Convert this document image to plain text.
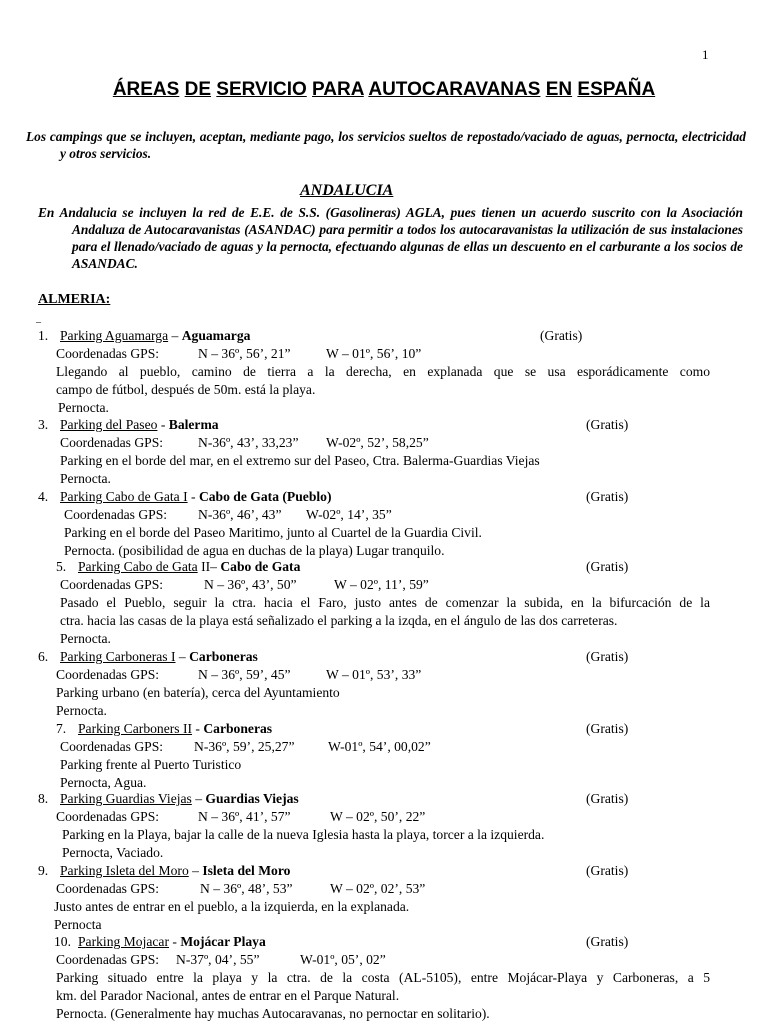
1
ÁREAS DE SERVICIO PARA AUTOCARAVANAS EN ESPAÑA
Los campings que se incluyen, aceptan, mediante pago, los servicios sueltos de repostado/vaciado de aguas, pernocta, electricidad y otros servicios.
ANDALUCIA
En Andalucia se incluyen la red de E.E. de S.S. (Gasolineras) AGLA, pues tienen un acuerdo suscrito con la Asociación Andaluza de Autocaravanistas (ASANDAC) para permitir a todos los autocaravanistas la utilización de sus instalaciones para el llenado/vaciado de aguas y la pernocta, efectuando algunas de ellas un descuento en el carburante a los socios de ASANDAC.
ALMERIA:
_
1. Parking Aguamarga – Aguamarga	(Gratis)
Coordenadas GPS:	N – 36º, 56’, 21”	W – 01º, 56’, 10”
Llegando al pueblo, camino de tierra a la derecha, en explanada que se usa esporádicamente como
campo de fútbol, después de 50m. está la playa.
Pernocta.
3. Parking del Paseo - Balerma	(Gratis)
Coordenadas GPS:	N-36º, 43’, 33,23” W-02º, 52’, 58,25”
Parking en el borde del mar, en el extremo sur del Paseo, Ctra. Balerma-Guardias Viejas
Pernocta.
4. Parking Cabo de Gata I - Cabo de Gata (Pueblo)	(Gratis)
Coordenadas GPS: N-36º, 46’, 43” W-02º, 14’, 35”
Parking en el borde del Paseo Maritimo, junto al Cuartel de la Guardia Civil.
Pernocta. (posibilidad de agua en duchas de la playa) Lugar tranquilo.
5. Parking Cabo de Gata II– Cabo de Gata	(Gratis)
Coordenadas GPS:	N – 36º, 43’, 50”	W – 02º, 11’, 59”
Pasado el Pueblo, seguir la ctra. hacia el Faro, justo antes de comenzar la subida, en la bifurcación de la
ctra. hacia las casas de la playa está señalizado el parking a la izqda, en el ángulo de las dos carreteras.
Pernocta.
6. Parking Carboneras I – Carboneras	(Gratis)
Coordenadas GPS:	N – 36º, 59’, 45”	W – 01º, 53’, 33”
Parking urbano (en batería), cerca del Ayuntamiento
Pernocta.
7. Parking Carboners II - Carboneras	(Gratis)
Coordenadas GPS: N-36º, 59’, 25,27” W-01º, 54’, 00,02”
Parking frente al Puerto Turistico
Pernocta, Agua.
8. Parking Guardias Viejas – Guardias Viejas	(Gratis)
Coordenadas GPS:	N – 36º, 41’, 57”	W – 02º, 50’, 22”
Parking en la Playa, bajar la calle de la nueva Iglesia hasta la playa, torcer a la izquierda.
Pernocta, Vaciado.
9. Parking Isleta del Moro – Isleta del Moro	(Gratis)
Coordenadas GPS:	N – 36º, 48’, 53”	W – 02º, 02’, 53”
Justo antes de entrar en el pueblo, a la izquierda, en la explanada.
Pernocta
10. Parking Mojacar - Mojácar Playa	(Gratis)
Coordenadas GPS: N-37º, 04’, 55”	W-01º, 05’, 02”
Parking situado entre la playa y la ctra. de la costa (AL-5105), entre Mojácar-Playa y Carboneras, a 5
km. del Parador Nacional, antes de entrar en el Parque Natural.
Pernocta. (Generalmente hay muchas Autocaravanas, no pernoctar en solitario).
